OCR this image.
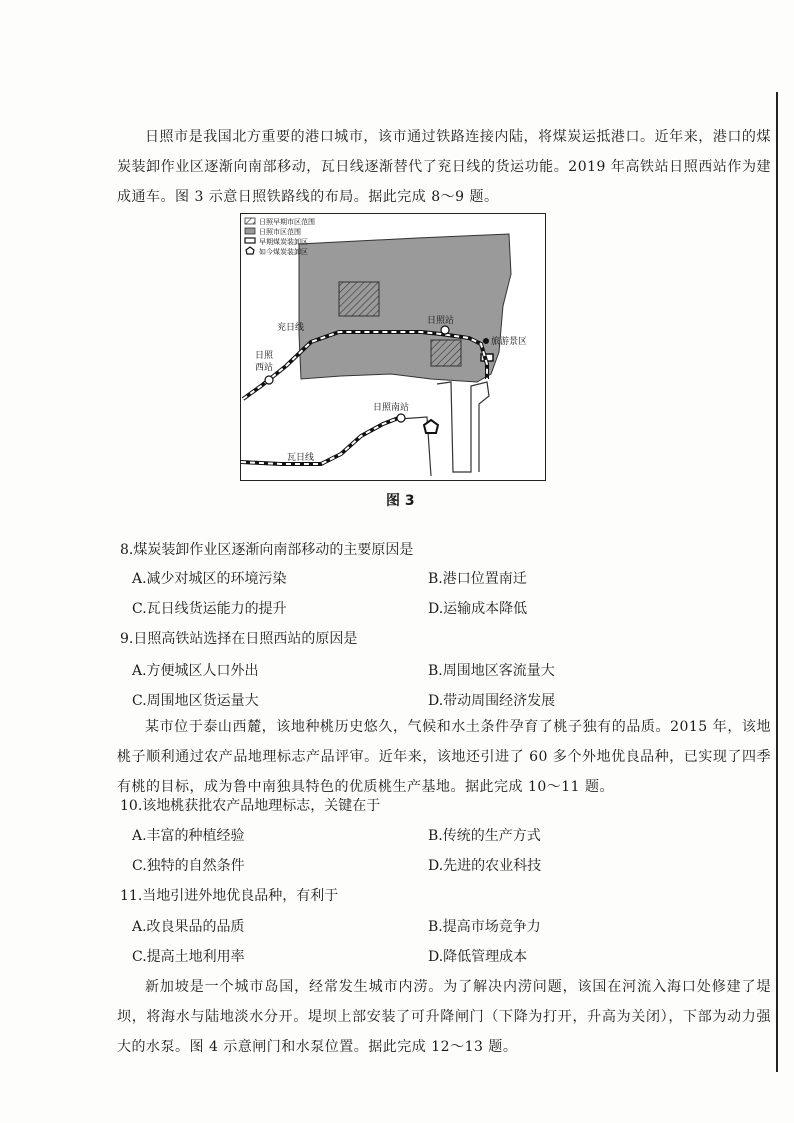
日照市是我国北方重要的港口城市，该市通过铁路连接内陆，将煤炭运抵港口。近年来，港口的煤炭装卸作业区逐渐向南部移动，瓦日线逐渐替代了兖日线的货运功能。2019 年高铁站日照西站作为建成通车。图 3 示意日照铁路线的布局。据此完成 8～9 题。

日照早期市区范围
日照市区范围
早期煤炭装卸区
如今煤炭装卸区
兖日线
日照站
旅游景区
日照
西站
日照南站
瓦日线
图 3

8.煤炭装卸作业区逐渐向南部移动的主要原因是

A.减少对城区的环境污染	B.港口位置南迁

C.瓦日线货运能力的提升	D.运输成本降低

9.日照高铁站选择在日照西站的原因是

A.方便城区人口外出	B.周围地区客流量大

C.周围地区货运量大	D.带动周围经济发展

某市位于泰山西麓，该地种桃历史悠久，气候和水土条件孕育了桃子独有的品质。2015 年，该地桃子顺利通过农产品地理标志产品评审。近年来，该地还引进了 60 多个外地优良品种，已实现了四季有桃的目标，成为鲁中南独具特色的优质桃生产基地。据此完成 10～11 题。

10.该地桃获批农产品地理标志，关键在于

A.丰富的种植经验	B.传统的生产方式

C.独特的自然条件	D.先进的农业科技

11.当地引进外地优良品种，有利于

A.改良果品的品质	B.提高市场竞争力

C.提高土地利用率	D.降低管理成本

新加坡是一个城市岛国，经常发生城市内涝。为了解决内涝问题，该国在河流入海口处修建了堤坝，将海水与陆地淡水分开。堤坝上部安装了可升降闸门（下降为打开，升高为关闭），下部为动力强大的水泵。图 4 示意闸门和水泵位置。据此完成 12～13 题。
